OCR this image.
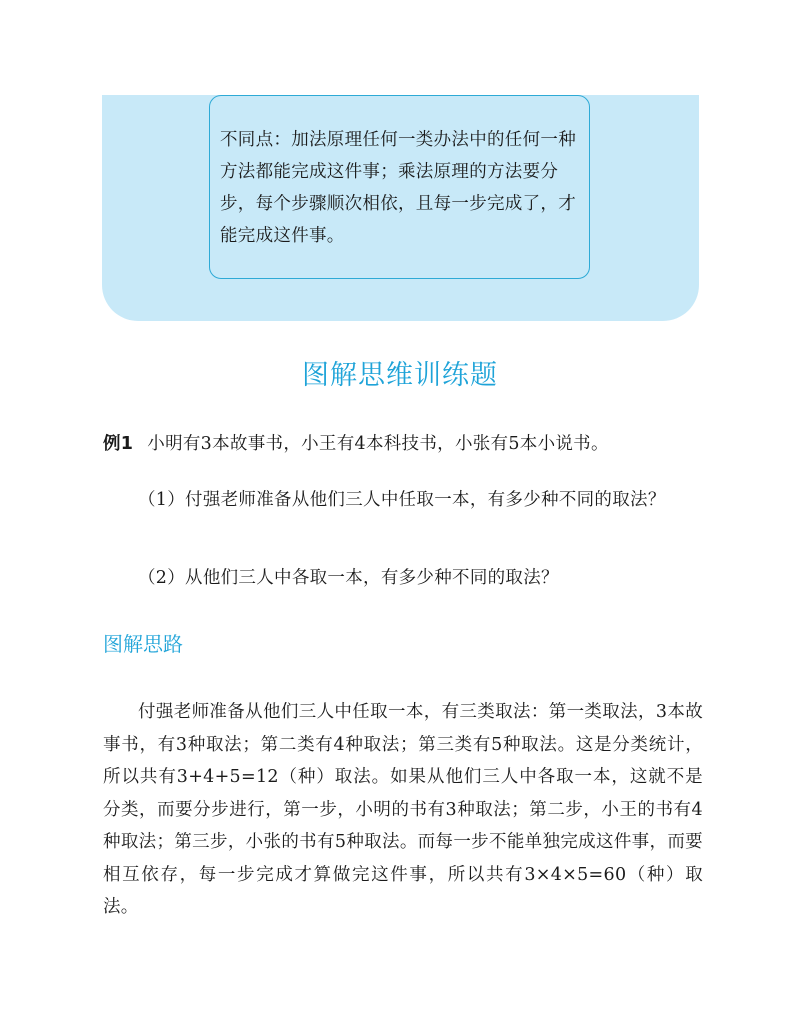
不同点：加法原理任何一类办法中的任何一种方法都能完成这件事；乘法原理的方法要分步，每个步骤顺次相依，且每一步完成了，才能完成这件事。
图解思维训练题
例1 小明有3本故事书，小王有4本科技书，小张有5本小说书。
（1）付强老师准备从他们三人中任取一本，有多少种不同的取法？
（2）从他们三人中各取一本，有多少种不同的取法？
图解思路
付强老师准备从他们三人中任取一本，有三类取法：第一类取法，3本故事书，有3种取法；第二类有4种取法；第三类有5种取法。这是分类统计，所以共有3+4+5=12（种）取法。如果从他们三人中各取一本，这就不是分类，而要分步进行，第一步，小明的书有3种取法；第二步，小王的书有4种取法；第三步，小张的书有5种取法。而每一步不能单独完成这件事，而要相互依存，每一步完成才算做完这件事，所以共有3×4×5=60（种）取法。
